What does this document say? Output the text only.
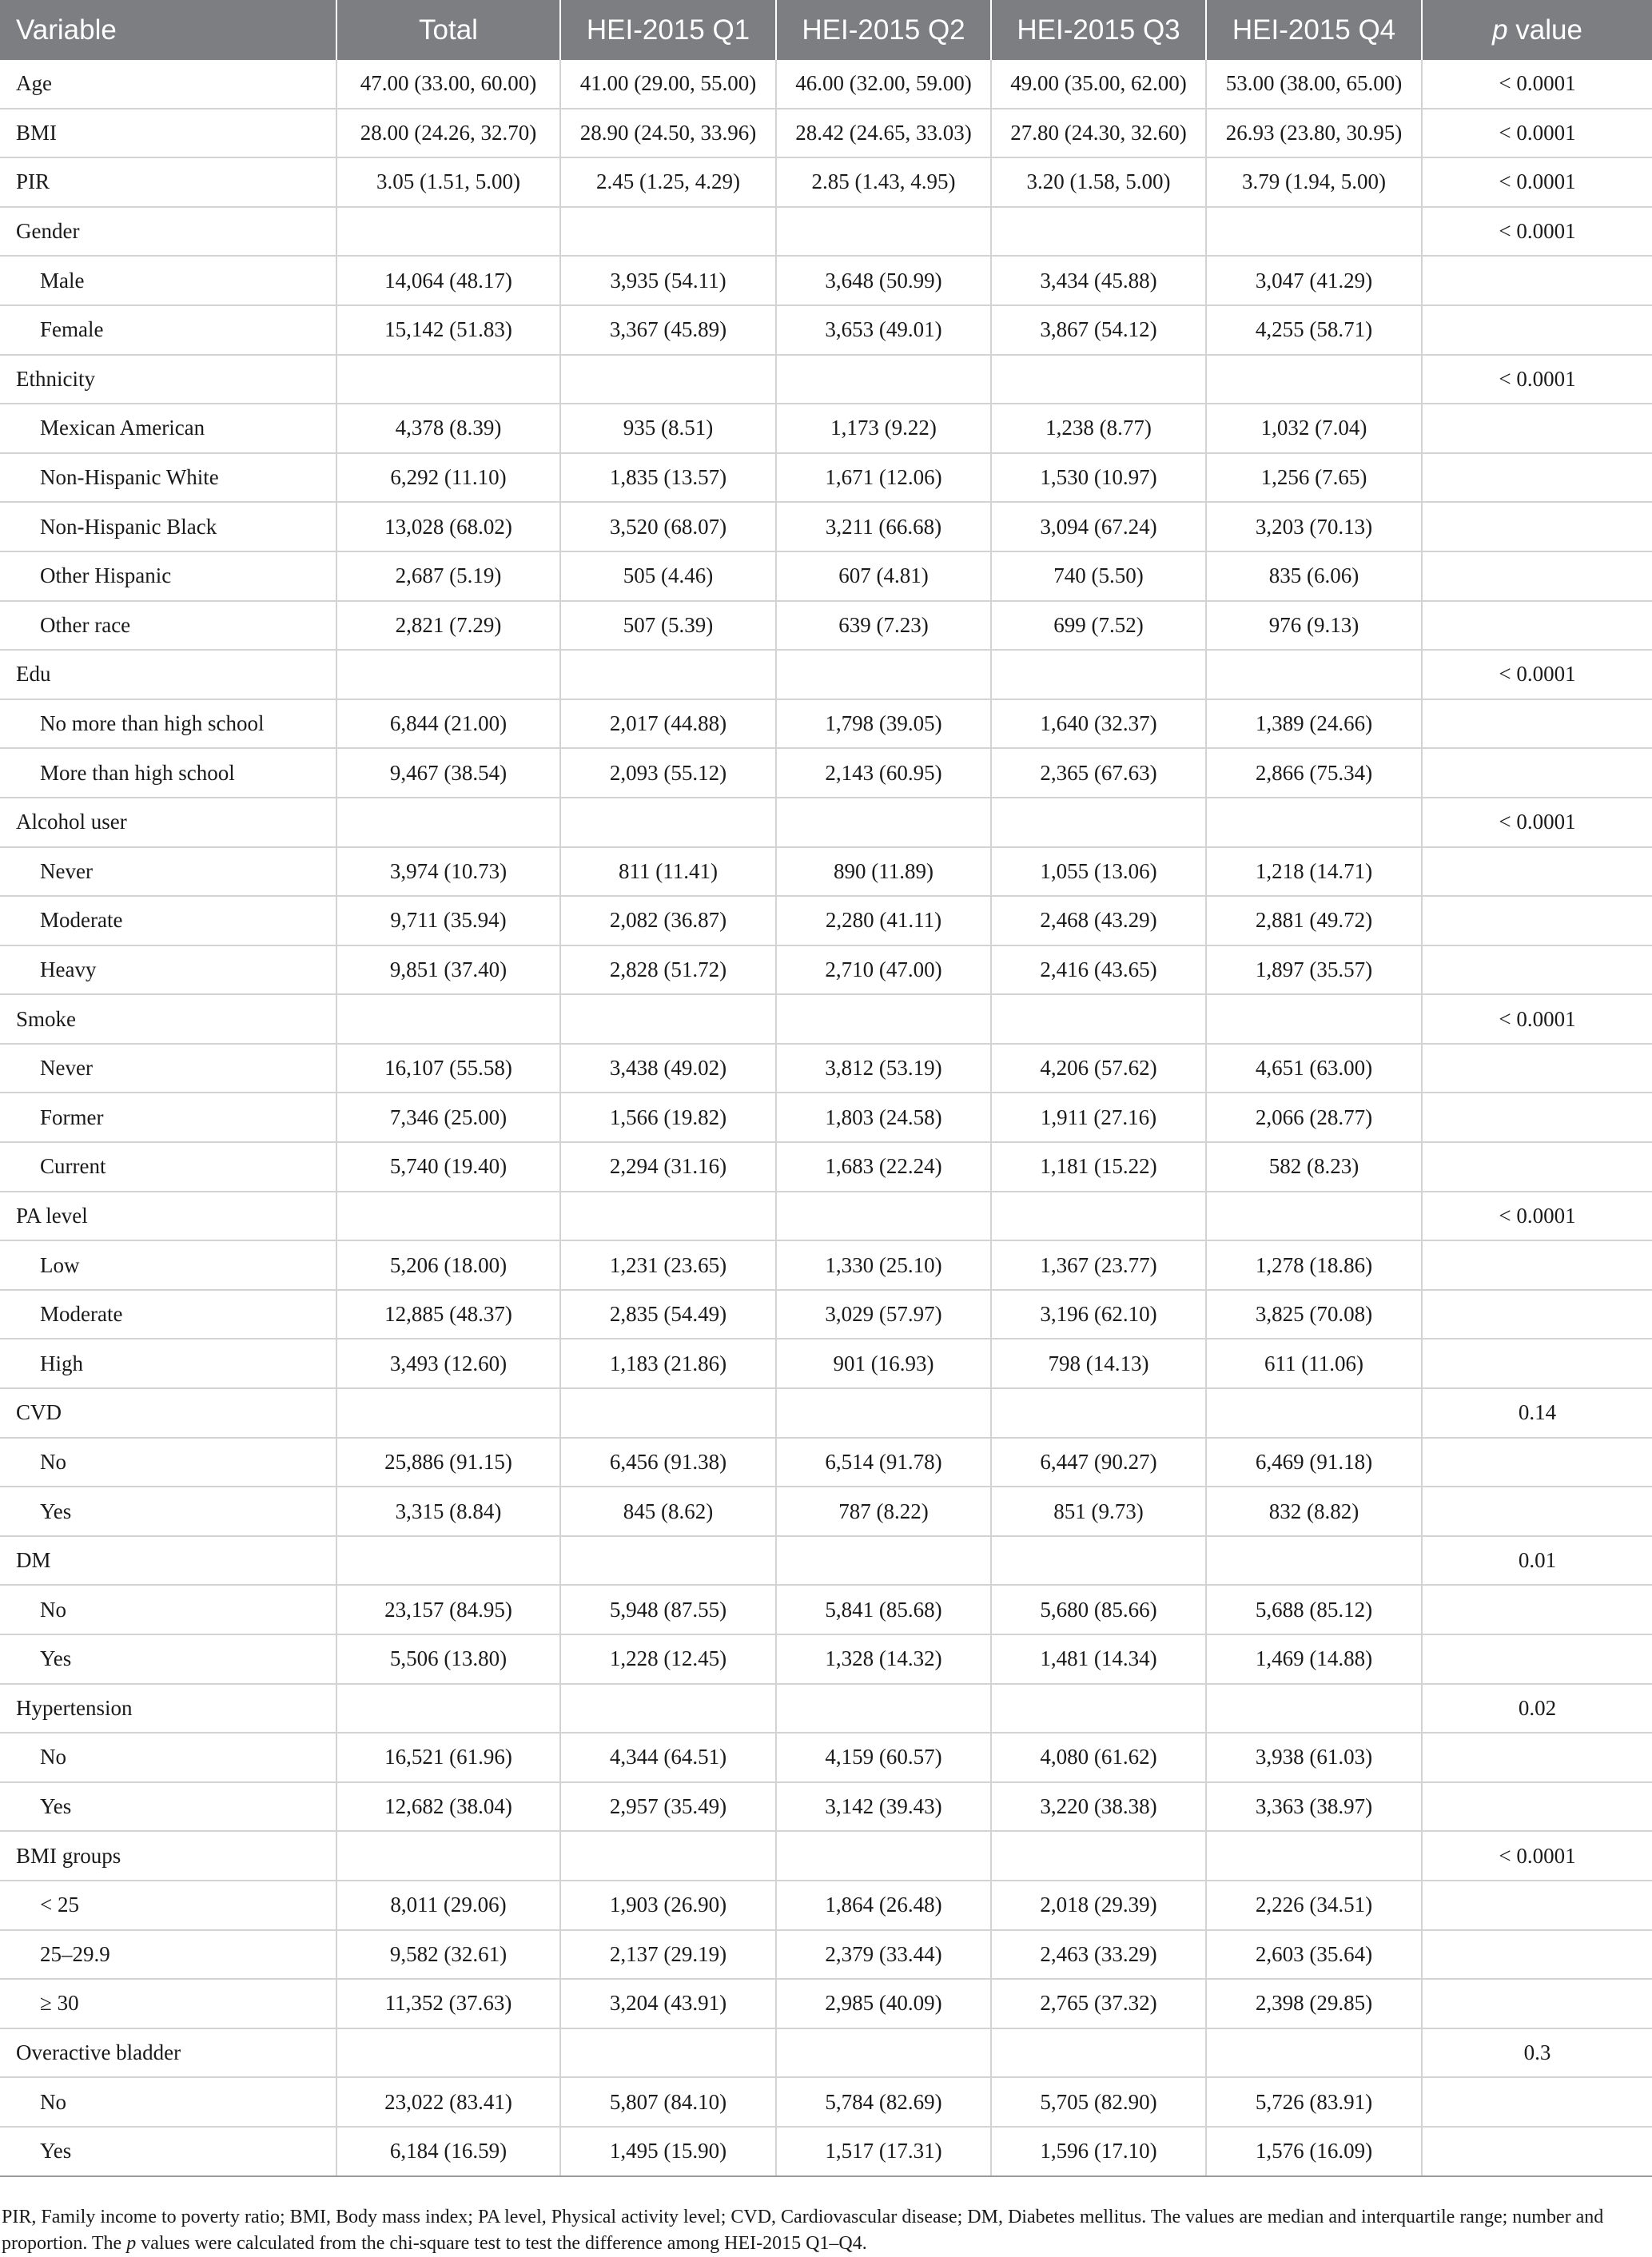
Variable	Total	HEI-2015 Q1	HEI-2015 Q2	HEI-2015 Q3	HEI-2015 Q4	p value
Age	47.00 (33.00, 60.00)	41.00 (29.00, 55.00)	46.00 (32.00, 59.00)	49.00 (35.00, 62.00)	53.00 (38.00, 65.00)	< 0.0001
BMI	28.00 (24.26, 32.70)	28.90 (24.50, 33.96)	28.42 (24.65, 33.03)	27.80 (24.30, 32.60)	26.93 (23.80, 30.95)	< 0.0001
PIR	3.05 (1.51, 5.00)	2.45 (1.25, 4.29)	2.85 (1.43, 4.95)	3.20 (1.58, 5.00)	3.79 (1.94, 5.00)	< 0.0001
Gender						< 0.0001
Male	14,064 (48.17)	3,935 (54.11)	3,648 (50.99)	3,434 (45.88)	3,047 (41.29)	
Female	15,142 (51.83)	3,367 (45.89)	3,653 (49.01)	3,867 (54.12)	4,255 (58.71)	
Ethnicity						< 0.0001
Mexican American	4,378 (8.39)	935 (8.51)	1,173 (9.22)	1,238 (8.77)	1,032 (7.04)	
Non-Hispanic White	6,292 (11.10)	1,835 (13.57)	1,671 (12.06)	1,530 (10.97)	1,256 (7.65)	
Non-Hispanic Black	13,028 (68.02)	3,520 (68.07)	3,211 (66.68)	3,094 (67.24)	3,203 (70.13)	
Other Hispanic	2,687 (5.19)	505 (4.46)	607 (4.81)	740 (5.50)	835 (6.06)	
Other race	2,821 (7.29)	507 (5.39)	639 (7.23)	699 (7.52)	976 (9.13)	
Edu						< 0.0001
No more than high school	6,844 (21.00)	2,017 (44.88)	1,798 (39.05)	1,640 (32.37)	1,389 (24.66)	
More than high school	9,467 (38.54)	2,093 (55.12)	2,143 (60.95)	2,365 (67.63)	2,866 (75.34)	
Alcohol user						< 0.0001
Never	3,974 (10.73)	811 (11.41)	890 (11.89)	1,055 (13.06)	1,218 (14.71)	
Moderate	9,711 (35.94)	2,082 (36.87)	2,280 (41.11)	2,468 (43.29)	2,881 (49.72)	
Heavy	9,851 (37.40)	2,828 (51.72)	2,710 (47.00)	2,416 (43.65)	1,897 (35.57)	
Smoke						< 0.0001
Never	16,107 (55.58)	3,438 (49.02)	3,812 (53.19)	4,206 (57.62)	4,651 (63.00)	
Former	7,346 (25.00)	1,566 (19.82)	1,803 (24.58)	1,911 (27.16)	2,066 (28.77)	
Current	5,740 (19.40)	2,294 (31.16)	1,683 (22.24)	1,181 (15.22)	582 (8.23)	
PA level						< 0.0001
Low	5,206 (18.00)	1,231 (23.65)	1,330 (25.10)	1,367 (23.77)	1,278 (18.86)	
Moderate	12,885 (48.37)	2,835 (54.49)	3,029 (57.97)	3,196 (62.10)	3,825 (70.08)	
High	3,493 (12.60)	1,183 (21.86)	901 (16.93)	798 (14.13)	611 (11.06)	
CVD						0.14
No	25,886 (91.15)	6,456 (91.38)	6,514 (91.78)	6,447 (90.27)	6,469 (91.18)	
Yes	3,315 (8.84)	845 (8.62)	787 (8.22)	851 (9.73)	832 (8.82)	
DM						0.01
No	23,157 (84.95)	5,948 (87.55)	5,841 (85.68)	5,680 (85.66)	5,688 (85.12)	
Yes	5,506 (13.80)	1,228 (12.45)	1,328 (14.32)	1,481 (14.34)	1,469 (14.88)	
Hypertension						0.02
No	16,521 (61.96)	4,344 (64.51)	4,159 (60.57)	4,080 (61.62)	3,938 (61.03)	
Yes	12,682 (38.04)	2,957 (35.49)	3,142 (39.43)	3,220 (38.38)	3,363 (38.97)	
BMI groups						< 0.0001
< 25	8,011 (29.06)	1,903 (26.90)	1,864 (26.48)	2,018 (29.39)	2,226 (34.51)	
25–29.9	9,582 (32.61)	2,137 (29.19)	2,379 (33.44)	2,463 (33.29)	2,603 (35.64)	
≥ 30	11,352 (37.63)	3,204 (43.91)	2,985 (40.09)	2,765 (37.32)	2,398 (29.85)	
Overactive bladder						0.3
No	23,022 (83.41)	5,807 (84.10)	5,784 (82.69)	5,705 (82.90)	5,726 (83.91)	
Yes	6,184 (16.59)	1,495 (15.90)	1,517 (17.31)	1,596 (17.10)	1,576 (16.09)	
PIR, Family income to poverty ratio; BMI, Body mass index; PA level, Physical activity level; CVD, Cardiovascular disease; DM, Diabetes mellitus. The values are median and interquartile range; number and proportion. The p values were calculated from the chi-square test to test the difference among HEI-2015 Q1–Q4.
